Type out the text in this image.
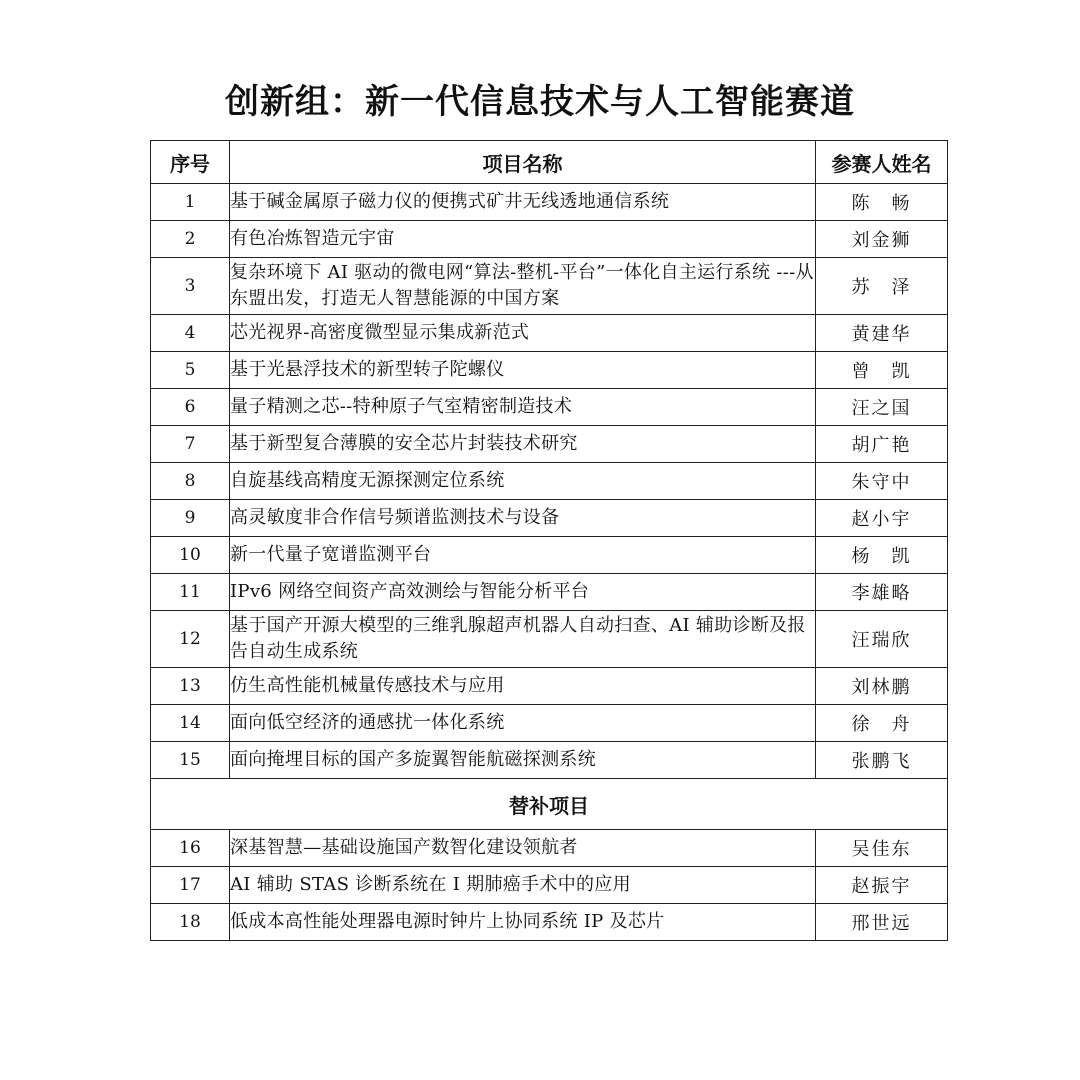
创新组：新一代信息技术与人工智能赛道
序号	项目名称	参赛人姓名
1	基于碱金属原子磁力仪的便携式矿井无线透地通信系统	陈　畅
2	有色冶炼智造元宇宙	刘金狮
3	复杂环境下 AI 驱动的微电网“算法-整机-平台”一体化自主运行系统 ---从东盟出发，打造无人智慧能源的中国方案	苏　泽
4	芯光视界-高密度微型显示集成新范式	黄建华
5	基于光悬浮技术的新型转子陀螺仪	曾　凯
6	量子精测之芯--特种原子气室精密制造技术	汪之国
7	基于新型复合薄膜的安全芯片封装技术研究	胡广艳
8	自旋基线高精度无源探测定位系统	朱守中
9	高灵敏度非合作信号频谱监测技术与设备	赵小宇
10	新一代量子宽谱监测平台	杨　凯
11	IPv6 网络空间资产高效测绘与智能分析平台	李雄略
12	基于国产开源大模型的三维乳腺超声机器人自动扫查、AI 辅助诊断及报告自动生成系统	汪瑞欣
13	仿生高性能机械量传感技术与应用	刘林鹏
14	面向低空经济的通感扰一体化系统	徐　舟
15	面向掩埋目标的国产多旋翼智能航磁探测系统	张鹏飞
替补项目		
16	深基智慧—基础设施国产数智化建设领航者	吴佳东
17	AI 辅助 STAS 诊断系统在 I 期肺癌手术中的应用	赵振宇
18	低成本高性能处理器电源时钟片上协同系统 IP 及芯片	邢世远
